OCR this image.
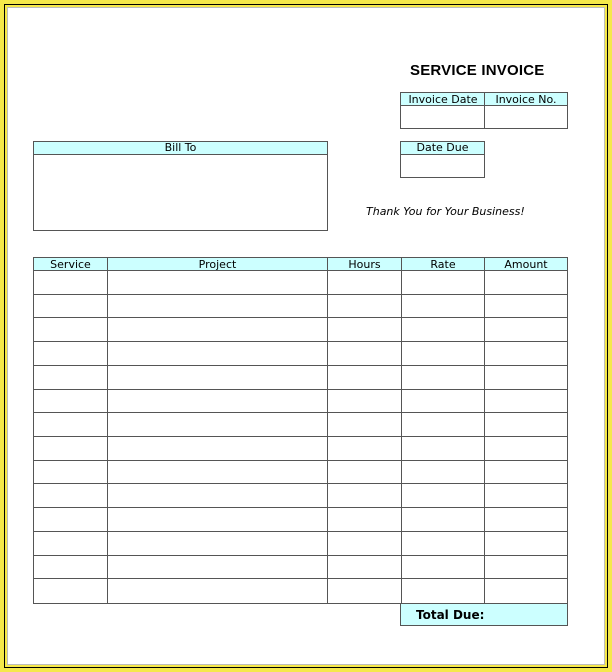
SERVICE INVOICE
Invoice Date	Invoice No.
Bill To	Date Due
Thank You for Your Business!
Service	Project	Hours	Rate	Amount
Total Due:
